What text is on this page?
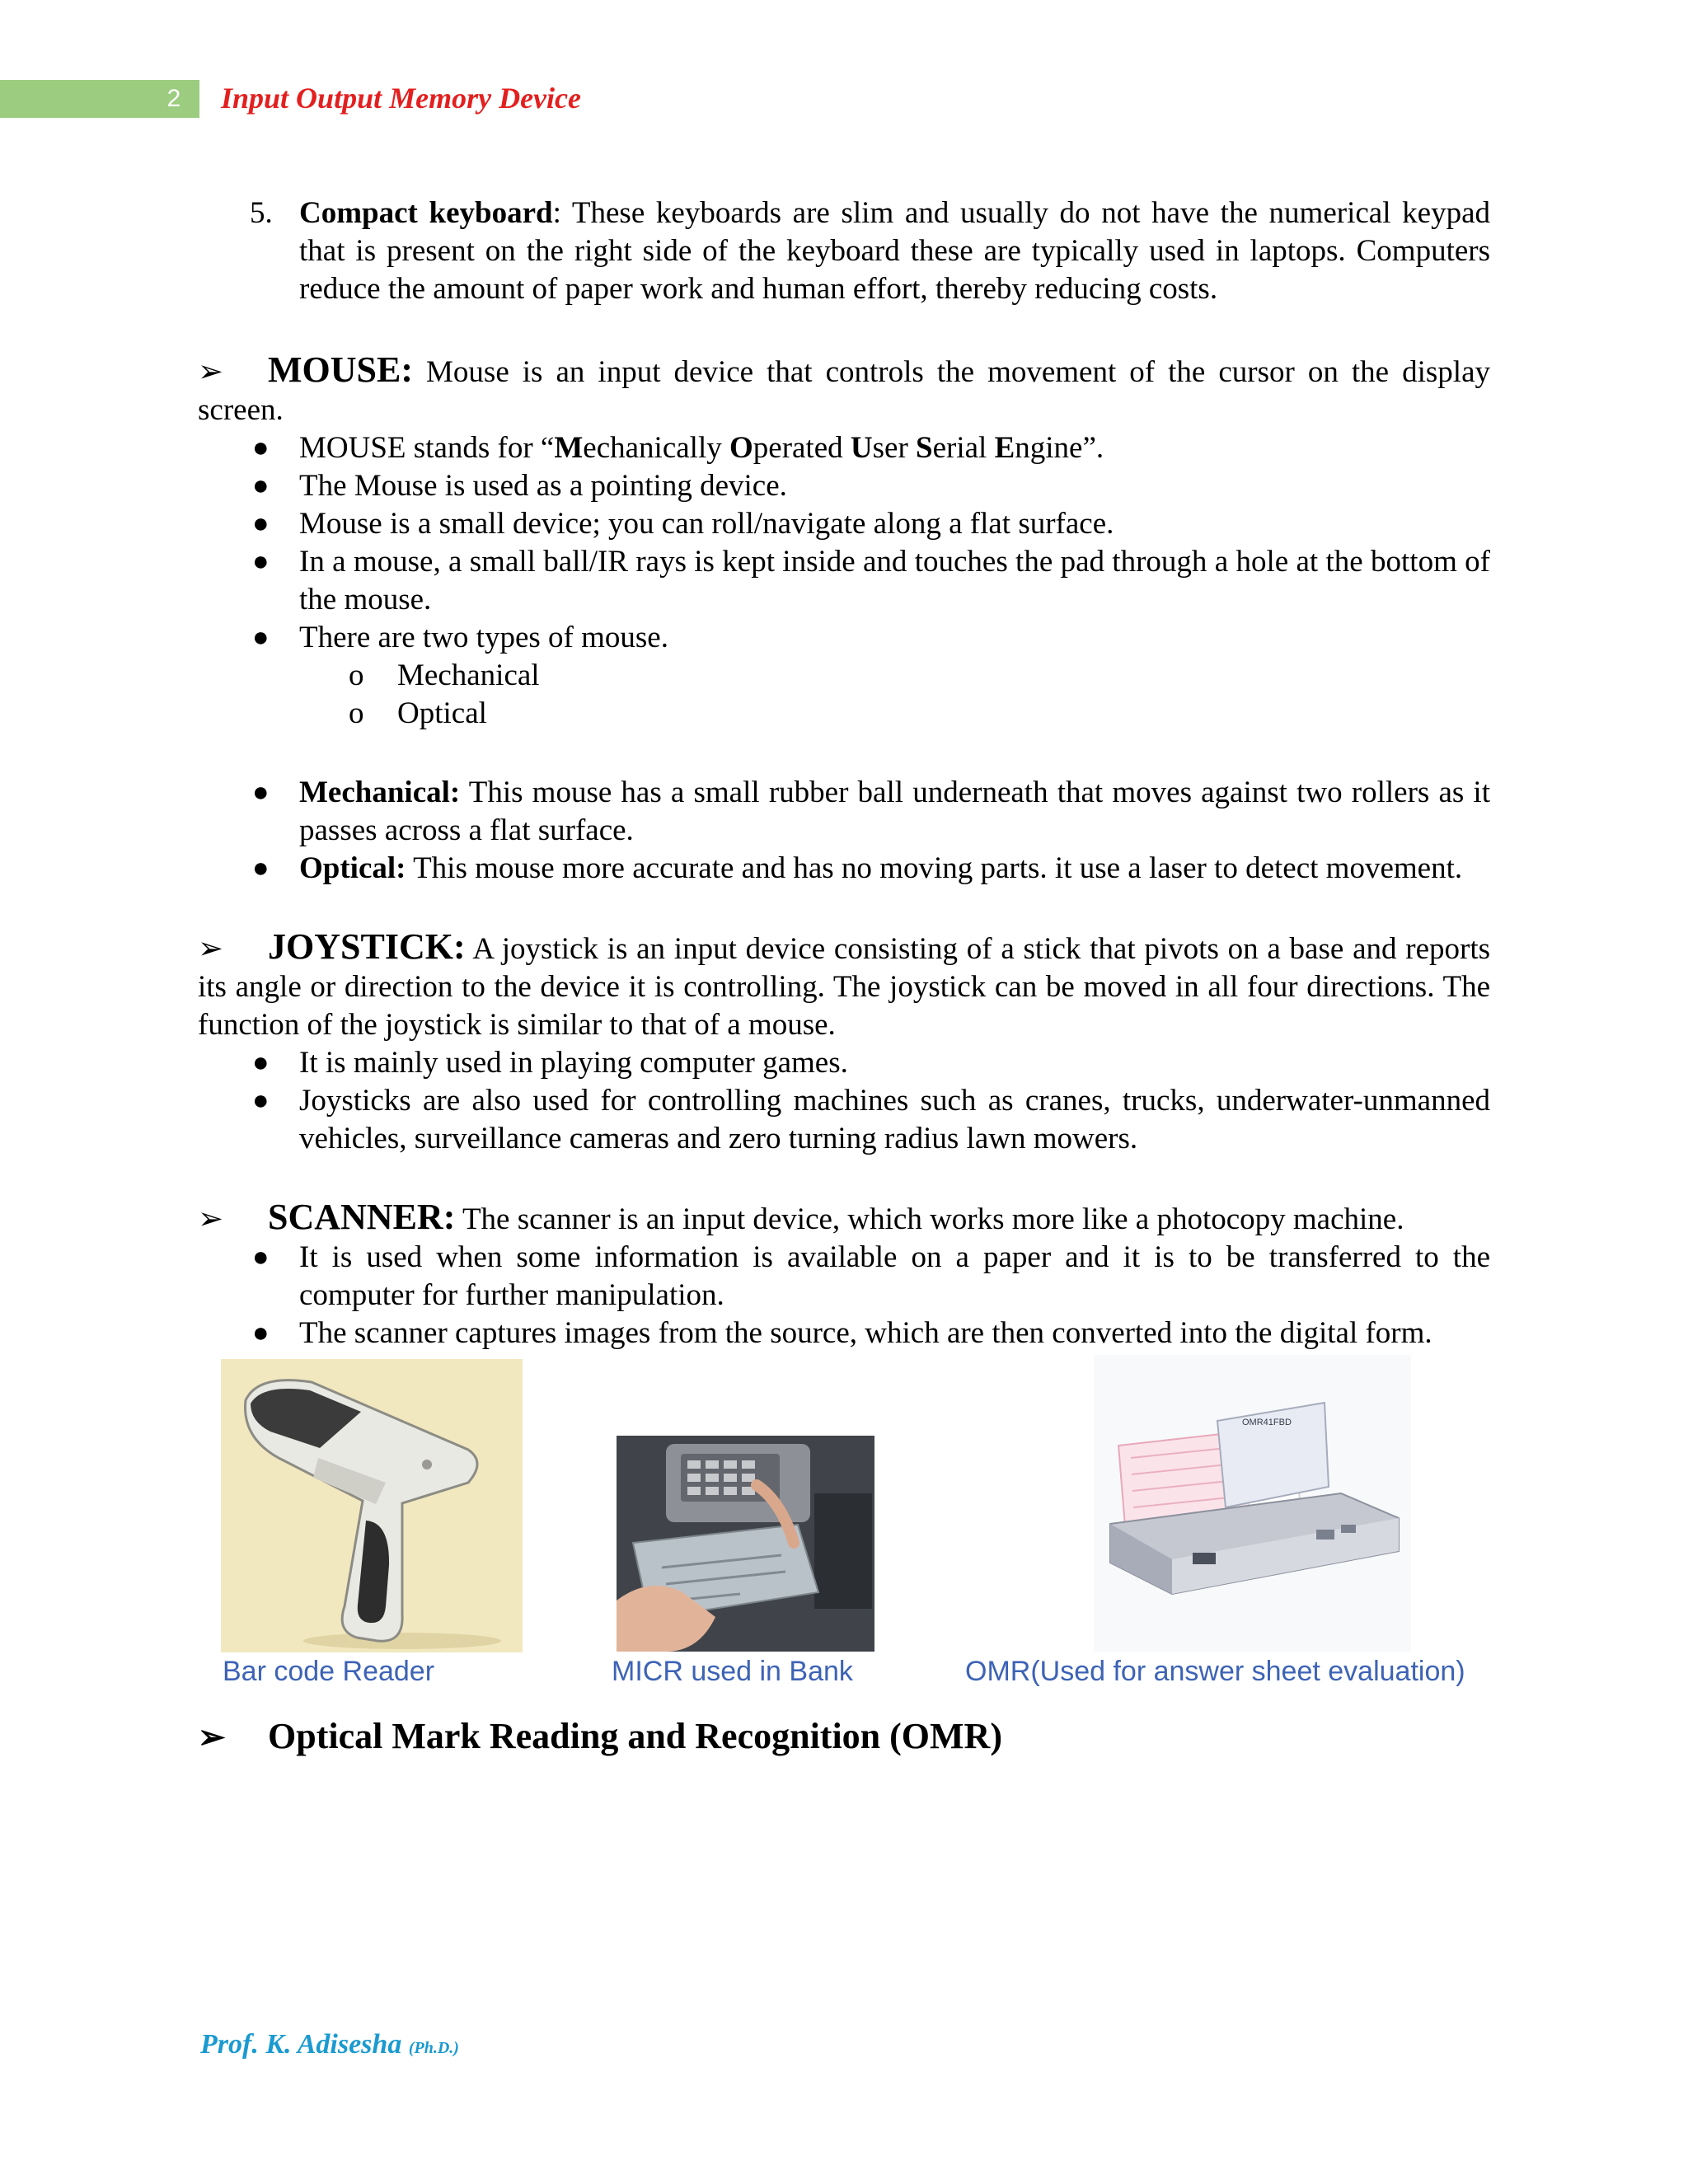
2 Input Output Memory Device
5. Compact keyboard: These keyboards are slim and usually do not have the numerical keypad that is present on the right side of the keyboard these are typically used in laptops. Computers reduce the amount of paper work and human effort, thereby reducing costs.
➢ MOUSE: Mouse is an input device that controls the movement of the cursor on the display screen.
● MOUSE stands for “Mechanically Operated User Serial Engine”.
● The Mouse is used as a pointing device.
● Mouse is a small device; you can roll/navigate along a flat surface.
● In a mouse, a small ball/IR rays is kept inside and touches the pad through a hole at the bottom of the mouse.
● There are two types of mouse.
o Mechanical
o Optical
● Mechanical: This mouse has a small rubber ball underneath that moves against two rollers as it passes across a flat surface.
● Optical: This mouse more accurate and has no moving parts. it use a laser to detect movement.
➢ JOYSTICK: A joystick is an input device consisting of a stick that pivots on a base and reports its angle or direction to the device it is controlling. The joystick can be moved in all four directions. The function of the joystick is similar to that of a mouse.
● It is mainly used in playing computer games.
● Joysticks are also used for controlling machines such as cranes, trucks, underwater-unmanned vehicles, surveillance cameras and zero turning radius lawn mowers.
➢ SCANNER: The scanner is an input device, which works more like a photocopy machine.
● It is used when some information is available on a paper and it is to be transferred to the computer for further manipulation.
● The scanner captures images from the source, which are then converted into the digital form.
OMR41FBD
Bar code Reader	MICR used in Bank	OMR(Used for answer sheet evaluation)
➢ Optical Mark Reading and Recognition (OMR)
Prof. K. Adisesha (Ph.D.)
